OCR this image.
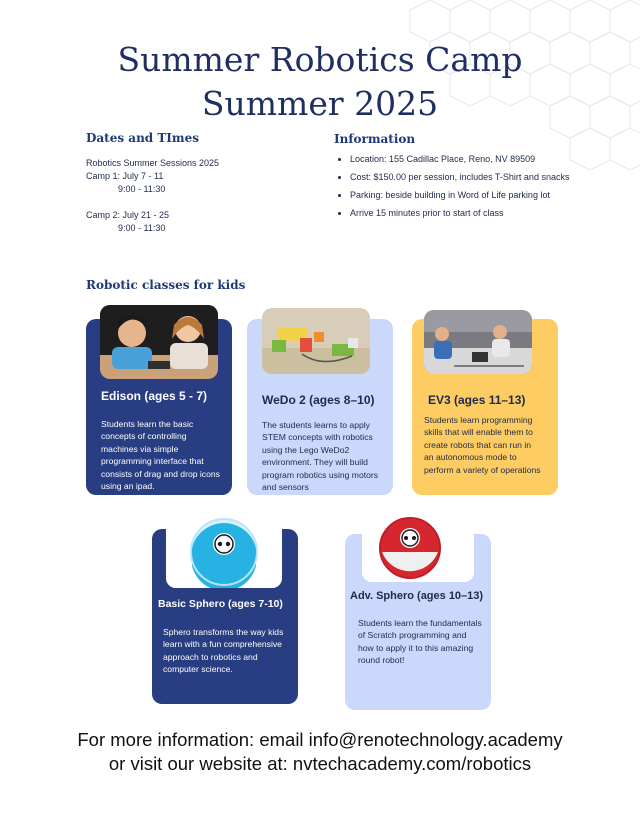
Summer Robotics Camp
Summer 2025
Dates and TImes
Robotics Summer Sessions 2025
Camp 1: July 7 - 11
9:00 - 11:30
Camp 2: July 21 - 25
9:00 - 11:30
Information
• Location: 155 Cadillac Place, Reno, NV 89509
• Cost: $150.00 per session, includes T-Shirt and snacks
• Parking: beside building in Word of Life parking lot
• Arrive 15 minutes prior to start of class
Robotic classes for kids
Edison (ages 5 - 7)
Students learn the basic concepts of controlling machines via simple programming interface that consists of drag and drop icons using an ipad.
WeDo 2 (ages 8–10)
The students learns to apply STEM concepts with robotics using the Lego WeDo2 environment. They will build program robotics using motors and sensors
EV3 (ages 11–13)
Students learn programming skills that will enable them to create robots that can run in an autonomous mode to perform a variety of operations
Basic Sphero (ages 7-10)
Sphero transforms the way kids learn with a fun comprehensive approach to robotics and computer science.
Adv. Sphero (ages 10–13)
Students learn the fundamentals of Scratch programming and how to apply it to this amazing round robot!
For more information: email info@renotechnology.academy
or visit our website at: nvtechacademy.com/robotics
